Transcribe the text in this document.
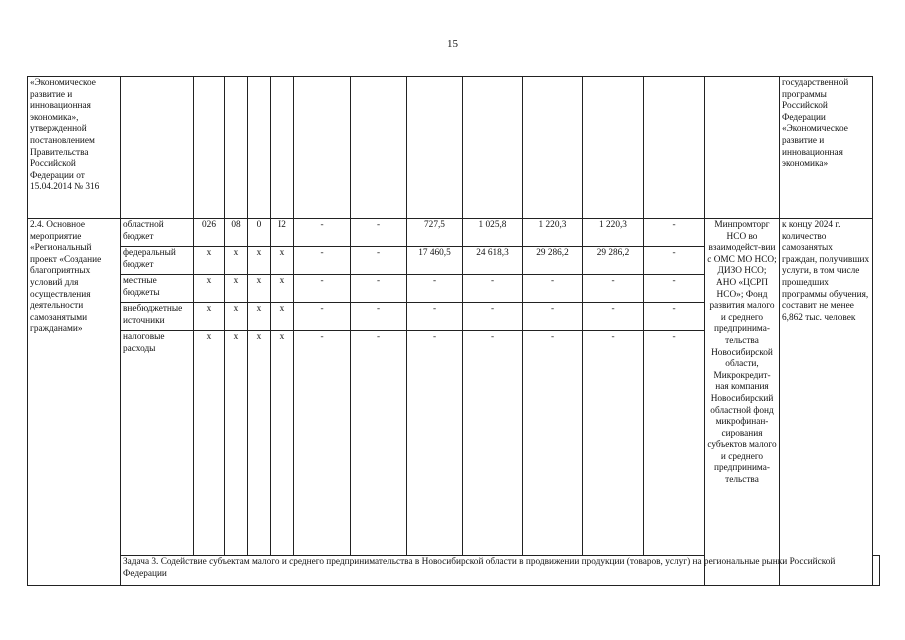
15
«Экономическое развитие и инновационная экономика», утвержденной постановлением Правительства Российской Федерации от 15.04.2014 № 316														государственной программы Российской Федерации «Экономическое развитие и инновационная экономика»
2.4. Основное мероприятие «Региональный проект «Создание благоприятных условий для осуществления деятельности самозанятыми гражданами»	областной бюджет	026	08	0	I2	-	-	727,5	1 025,8	1 220,3	1 220,3	-	Минпромторг НСО во взаимодейст-вии с ОМС МО НСО; ДИЗО НСО; АНО «ЦСРП НСО»; Фонд развития малого и среднего предпринима-тельства Новосибирской области, Микрокредит-ная компания Новосибирский областной фонд микрофинан-сирования субъектов малого и среднего предпринима-тельства	к концу 2024 г. количество самозанятых граждан, получивших услуги, в том числе прошедших программы обучения, составит не менее 6,862 тыс. человек
	федеральный бюджет	x	x	x	x	-	-	17 460,5	24 618,3	29 286,2	29 286,2	-		
	местные бюджеты	x	x	x	x	-	-	-	-	-	-	-		
	внебюджетные источники	x	x	x	x	-	-	-	-	-	-	-		
	налоговые расходы	x	x	x	x	-	-	-	-	-	-	-		
	Задача 3. Содействие субъектам малого и среднего предпринимательства в Новосибирской области в продвижении продукции (товаров, услуг) на региональные рынки Российской Федерации													
